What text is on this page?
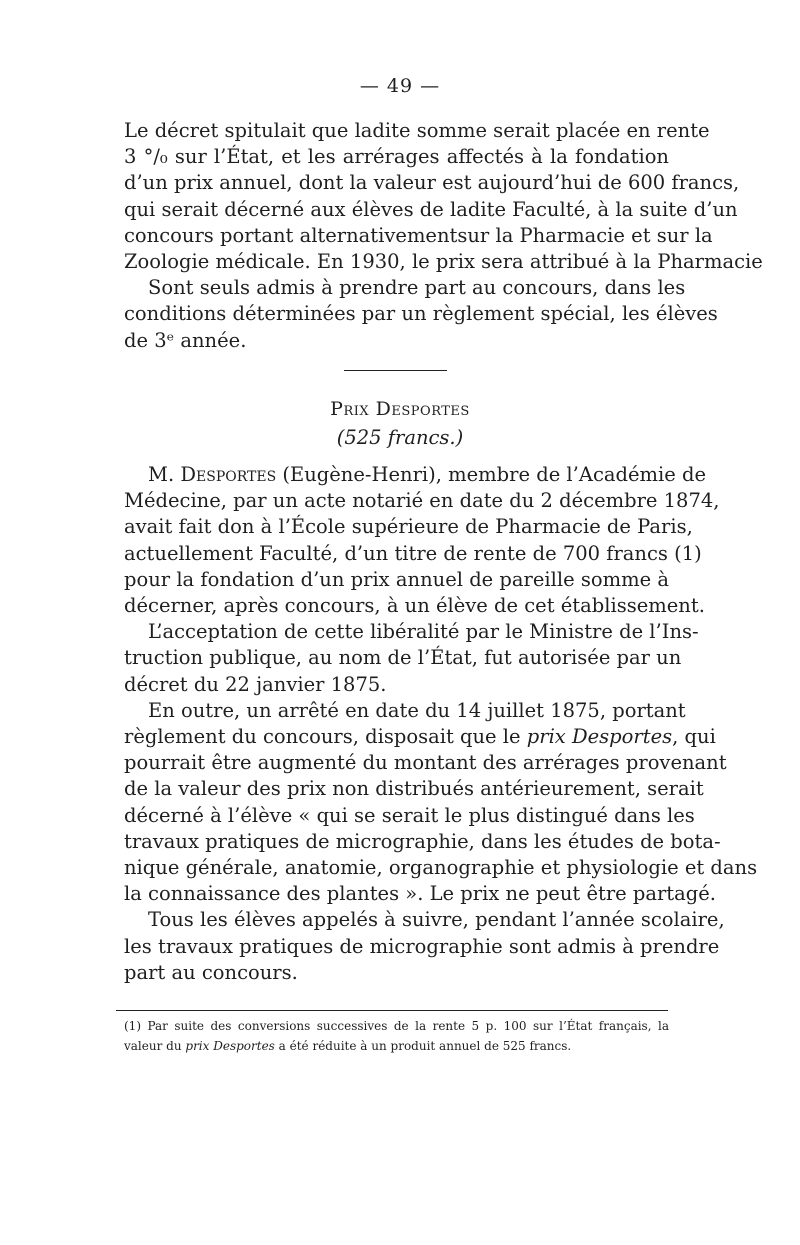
— 49 —

Le décret spitulait que ladite somme serait placée en rente
3 °/₀ sur l’État, et les arrérages affectés à la fondation
d’un prix annuel, dont la valeur est aujourd’hui de 600 francs,
qui serait décerné aux élèves de ladite Faculté, à la suite d’un
concours portant alternativementsur la Pharmacie et sur la
Zoologie médicale. En 1930, le prix sera attribué à la Pharmacie

Sont seuls admis à prendre part au concours, dans les
conditions déterminées par un règlement spécial, les élèves
de 3ᵉ année.

Prix Desportes
(525 francs.)

M. Desportes (Eugène-Henri), membre de l’Académie de
Médecine, par un acte notarié en date du 2 décembre 1874,
avait fait don à l’École supérieure de Pharmacie de Paris,
actuellement Faculté, d’un titre de rente de 700 francs (1)
pour la fondation d’un prix annuel de pareille somme à
décerner, après concours, à un élève de cet établissement.

L’acceptation de cette libéralité par le Ministre de l’Ins-
truction publique, au nom de l’État, fut autorisée par un
décret du 22 janvier 1875.

En outre, un arrêté en date du 14 juillet 1875, portant
règlement du concours, disposait que le prix Desportes, qui
pourrait être augmenté du montant des arrérages provenant
de la valeur des prix non distribués antérieurement, serait
décerné à l’élève « qui se serait le plus distingué dans les
travaux pratiques de micrographie, dans les études de bota-
nique générale, anatomie, organographie et physiologie et dans
la connaissance des plantes ». Le prix ne peut être partagé.

Tous les élèves appelés à suivre, pendant l’année scolaire,
les travaux pratiques de micrographie sont admis à prendre
part au concours.

(1) Par suite des conversions successives de la rente 5 p. 100 sur l’État français, la
valeur du prix Desportes a été réduite à un produit annuel de 525 francs.
